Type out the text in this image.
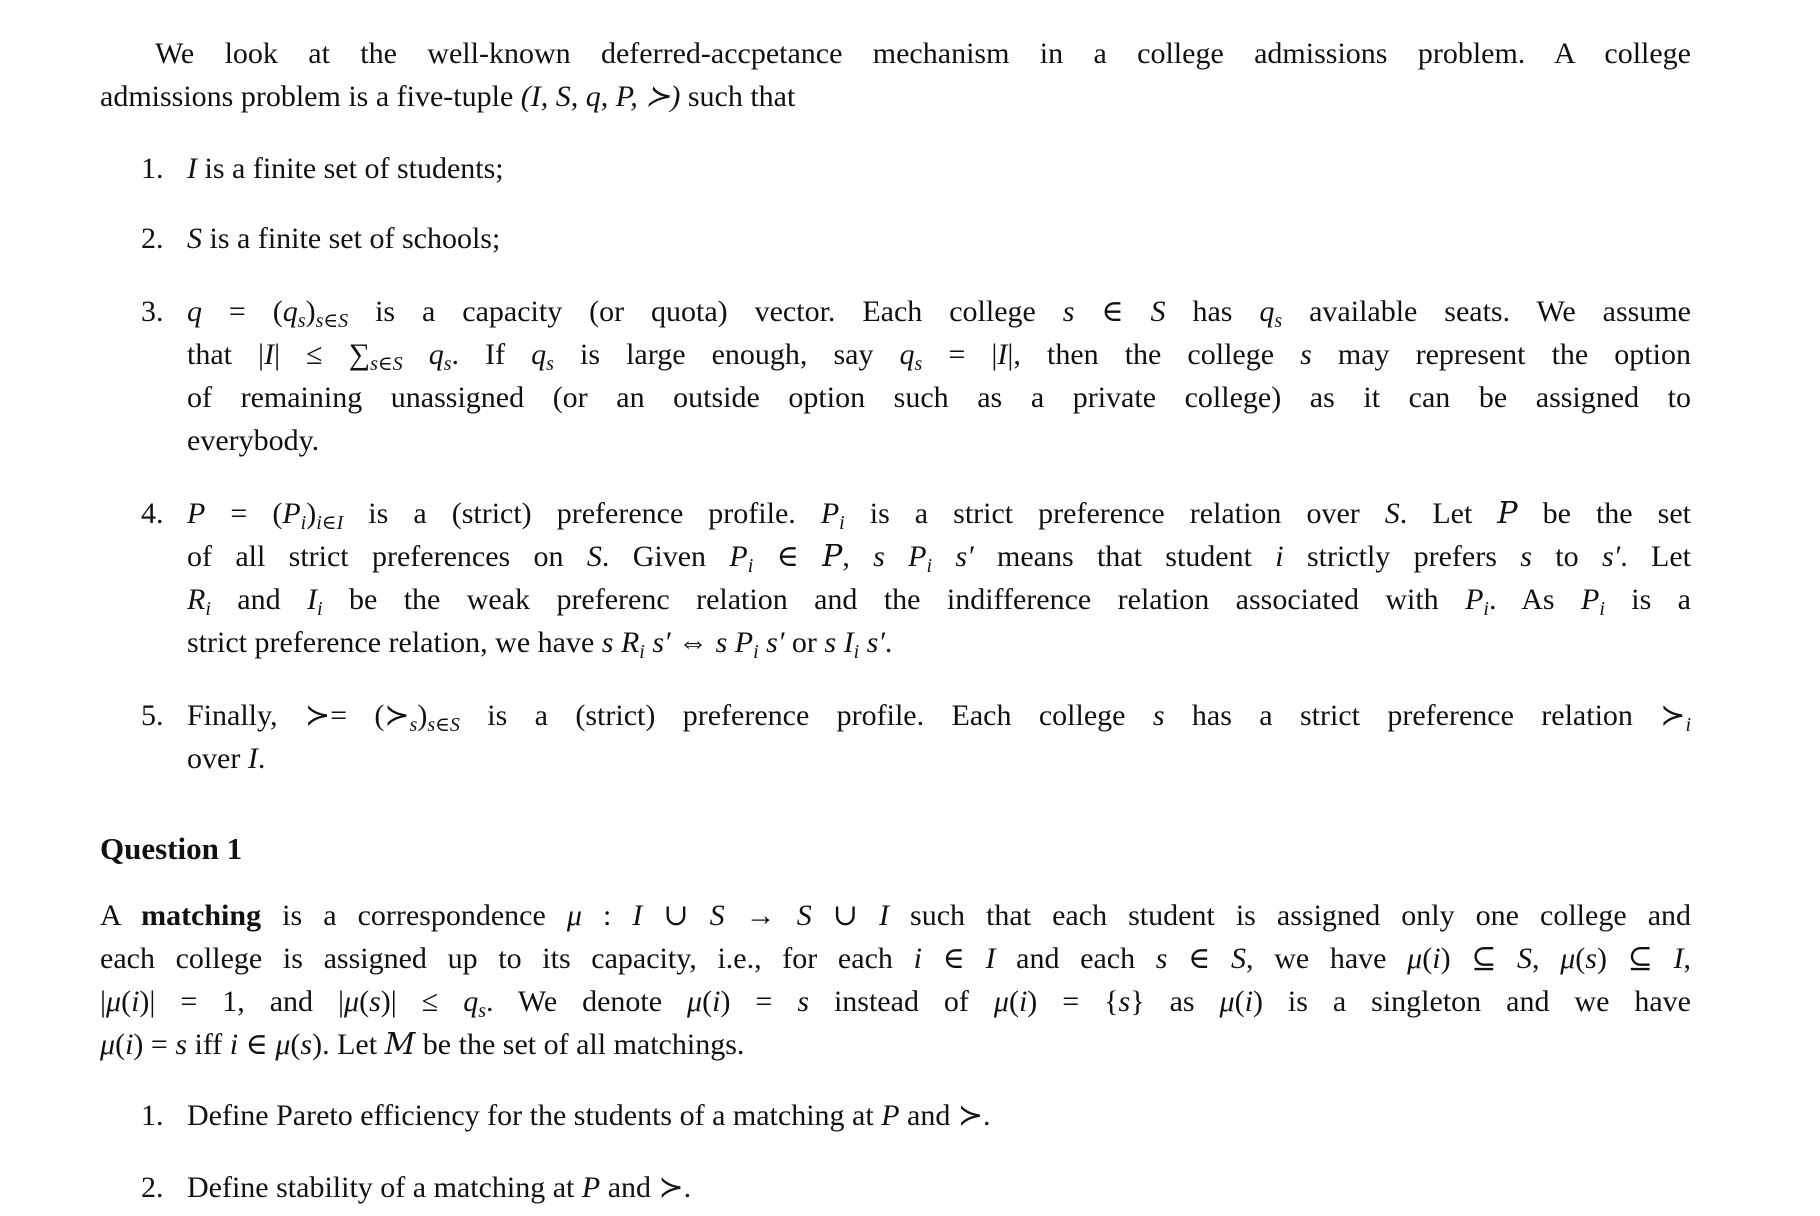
We look at the well-known deferred-accpetance mechanism in a college admissions problem. A college
admissions problem is a five-tuple (I, S, q, P, ≻) such that
1. I is a finite set of students;
2. S is a finite set of schools;
3. $q = (q_s)_{s\in S}$ is a capacity (or quota) vector. Each college s ∈ S has $q_s$ available seats. We assume
that $|I| \le \sum_{s\in S}$ $q_s$. If $q_s$ is large enough, say $q_s = |I|$, then the college s may represent the option
of remaining unassigned (or an outside option such as a private college) as it can be assigned to
everybody.
4. $P = (P_i)_{i\in I}$ is a (strict) preference profile. $P_i$ is a strict preference relation over S. Let P be the set
of all strict preferences on S. Given $P_i$ ∈ P, s $P_i$ s′ means that student i strictly prefers s to s′. Let
$R_i$ and $I_i$ be the weak preferenc relation and the indifference relation associated with $P_i$. As $P_i$ is a
strict preference relation, we have s $R_i$ s′ ⇔ s $P_i$ s′ or s $I_i$ s′.
5. Finally, ≻= $(≻_s)_{s\in S}$ is a (strict) preference profile. Each college s has a strict preference relation $≻_i$
over I.
Question 1
A matching is a correspondence μ : I ∪ S → S ∪ I such that each student is assigned only one college and
each college is assigned up to its capacity, i.e., for each i ∈ I and each s ∈ S, we have μ(i) ⊆ S, μ(s) ⊆ I,
|μ(i)| = 1, and $|\mu(s)| \le q_s$. We denote μ(i) = s instead of μ(i) = {s} as μ(i) is a singleton and we have
μ(i) = s iff i ∈ μ(s). Let M be the set of all matchings.
1. Define Pareto efficiency for the students of a matching at P and ≻.
2. Define stability of a matching at P and ≻.
